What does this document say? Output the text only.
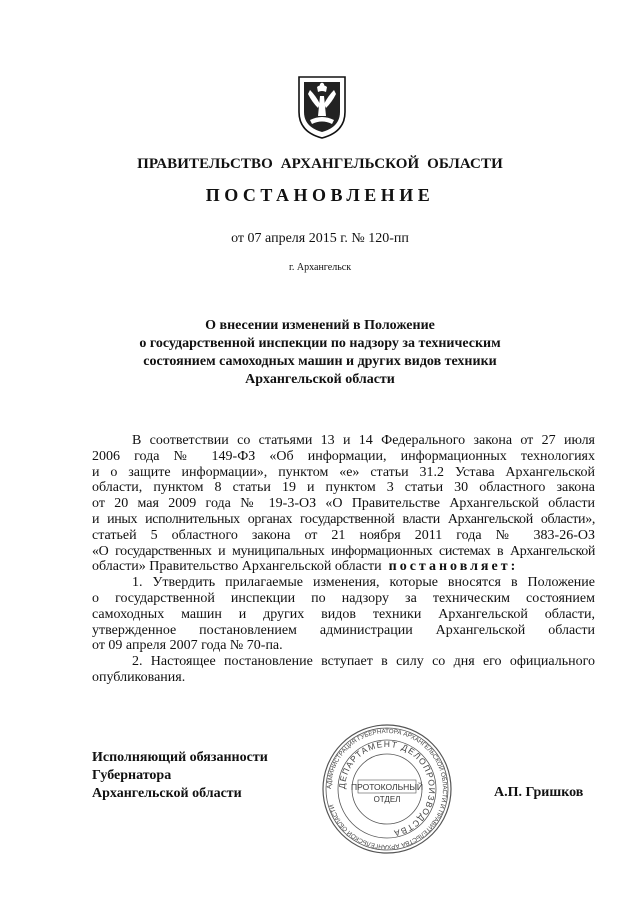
ПРАВИТЕЛЬСТВО АРХАНГЕЛЬСКОЙ ОБЛАСТИ
ПОСТАНОВЛЕНИЕ
от 07 апреля 2015 г. № 120-пп
г. Архангельск
О внесении изменений в Положение
о государственной инспекции по надзору за техническим
состоянием самоходных машин и других видов техники
Архангельской области
В соответствии со статьями 13 и 14 Федерального закона от 27 июля
2006 года № 149-ФЗ «Об информации, информационных технологиях
и о защите информации», пунктом «е» статьи 31.2 Устава Архангельской
области, пунктом 8 статьи 19 и пунктом 3 статьи 30 областного закона
от 20 мая 2009 года № 19-3-ОЗ «О Правительстве Архангельской области
и иных исполнительных органах государственной власти Архангельской области»,
статьей 5 областного закона от 21 ноября 2011 года № 383-26-ОЗ
«О государственных и муниципальных информационных системах в Архангельской
области» Правительство Архангельской области постановляет:
1. Утвердить прилагаемые изменения, которые вносятся в Положение
о государственной инспекции по надзору за техническим состоянием
самоходных машин и других видов техники Архангельской области,
утвержденное постановлением администрации Архангельской области
от 09 апреля 2007 года № 70-па.
2. Настоящее постановление вступает в силу со дня его официального
опубликования.
Исполняющий обязанности
Губернатора
Архангельской области	АДМИНИСТРАЦИЯ ГУБЕРНАТОРА АРХАНГЕЛЬСКОЙ ОБЛАСТИ И ПРАВИТЕЛЬСТВА АРХАНГЕЛЬСКОЙ ОБЛАСТИ
ДЕПАРТАМЕНТ ДЕЛОПРОИЗВОДСТВА
ПРОТОКОЛЬНЫЙ
ОТДЕЛ	А.П. Гришков
